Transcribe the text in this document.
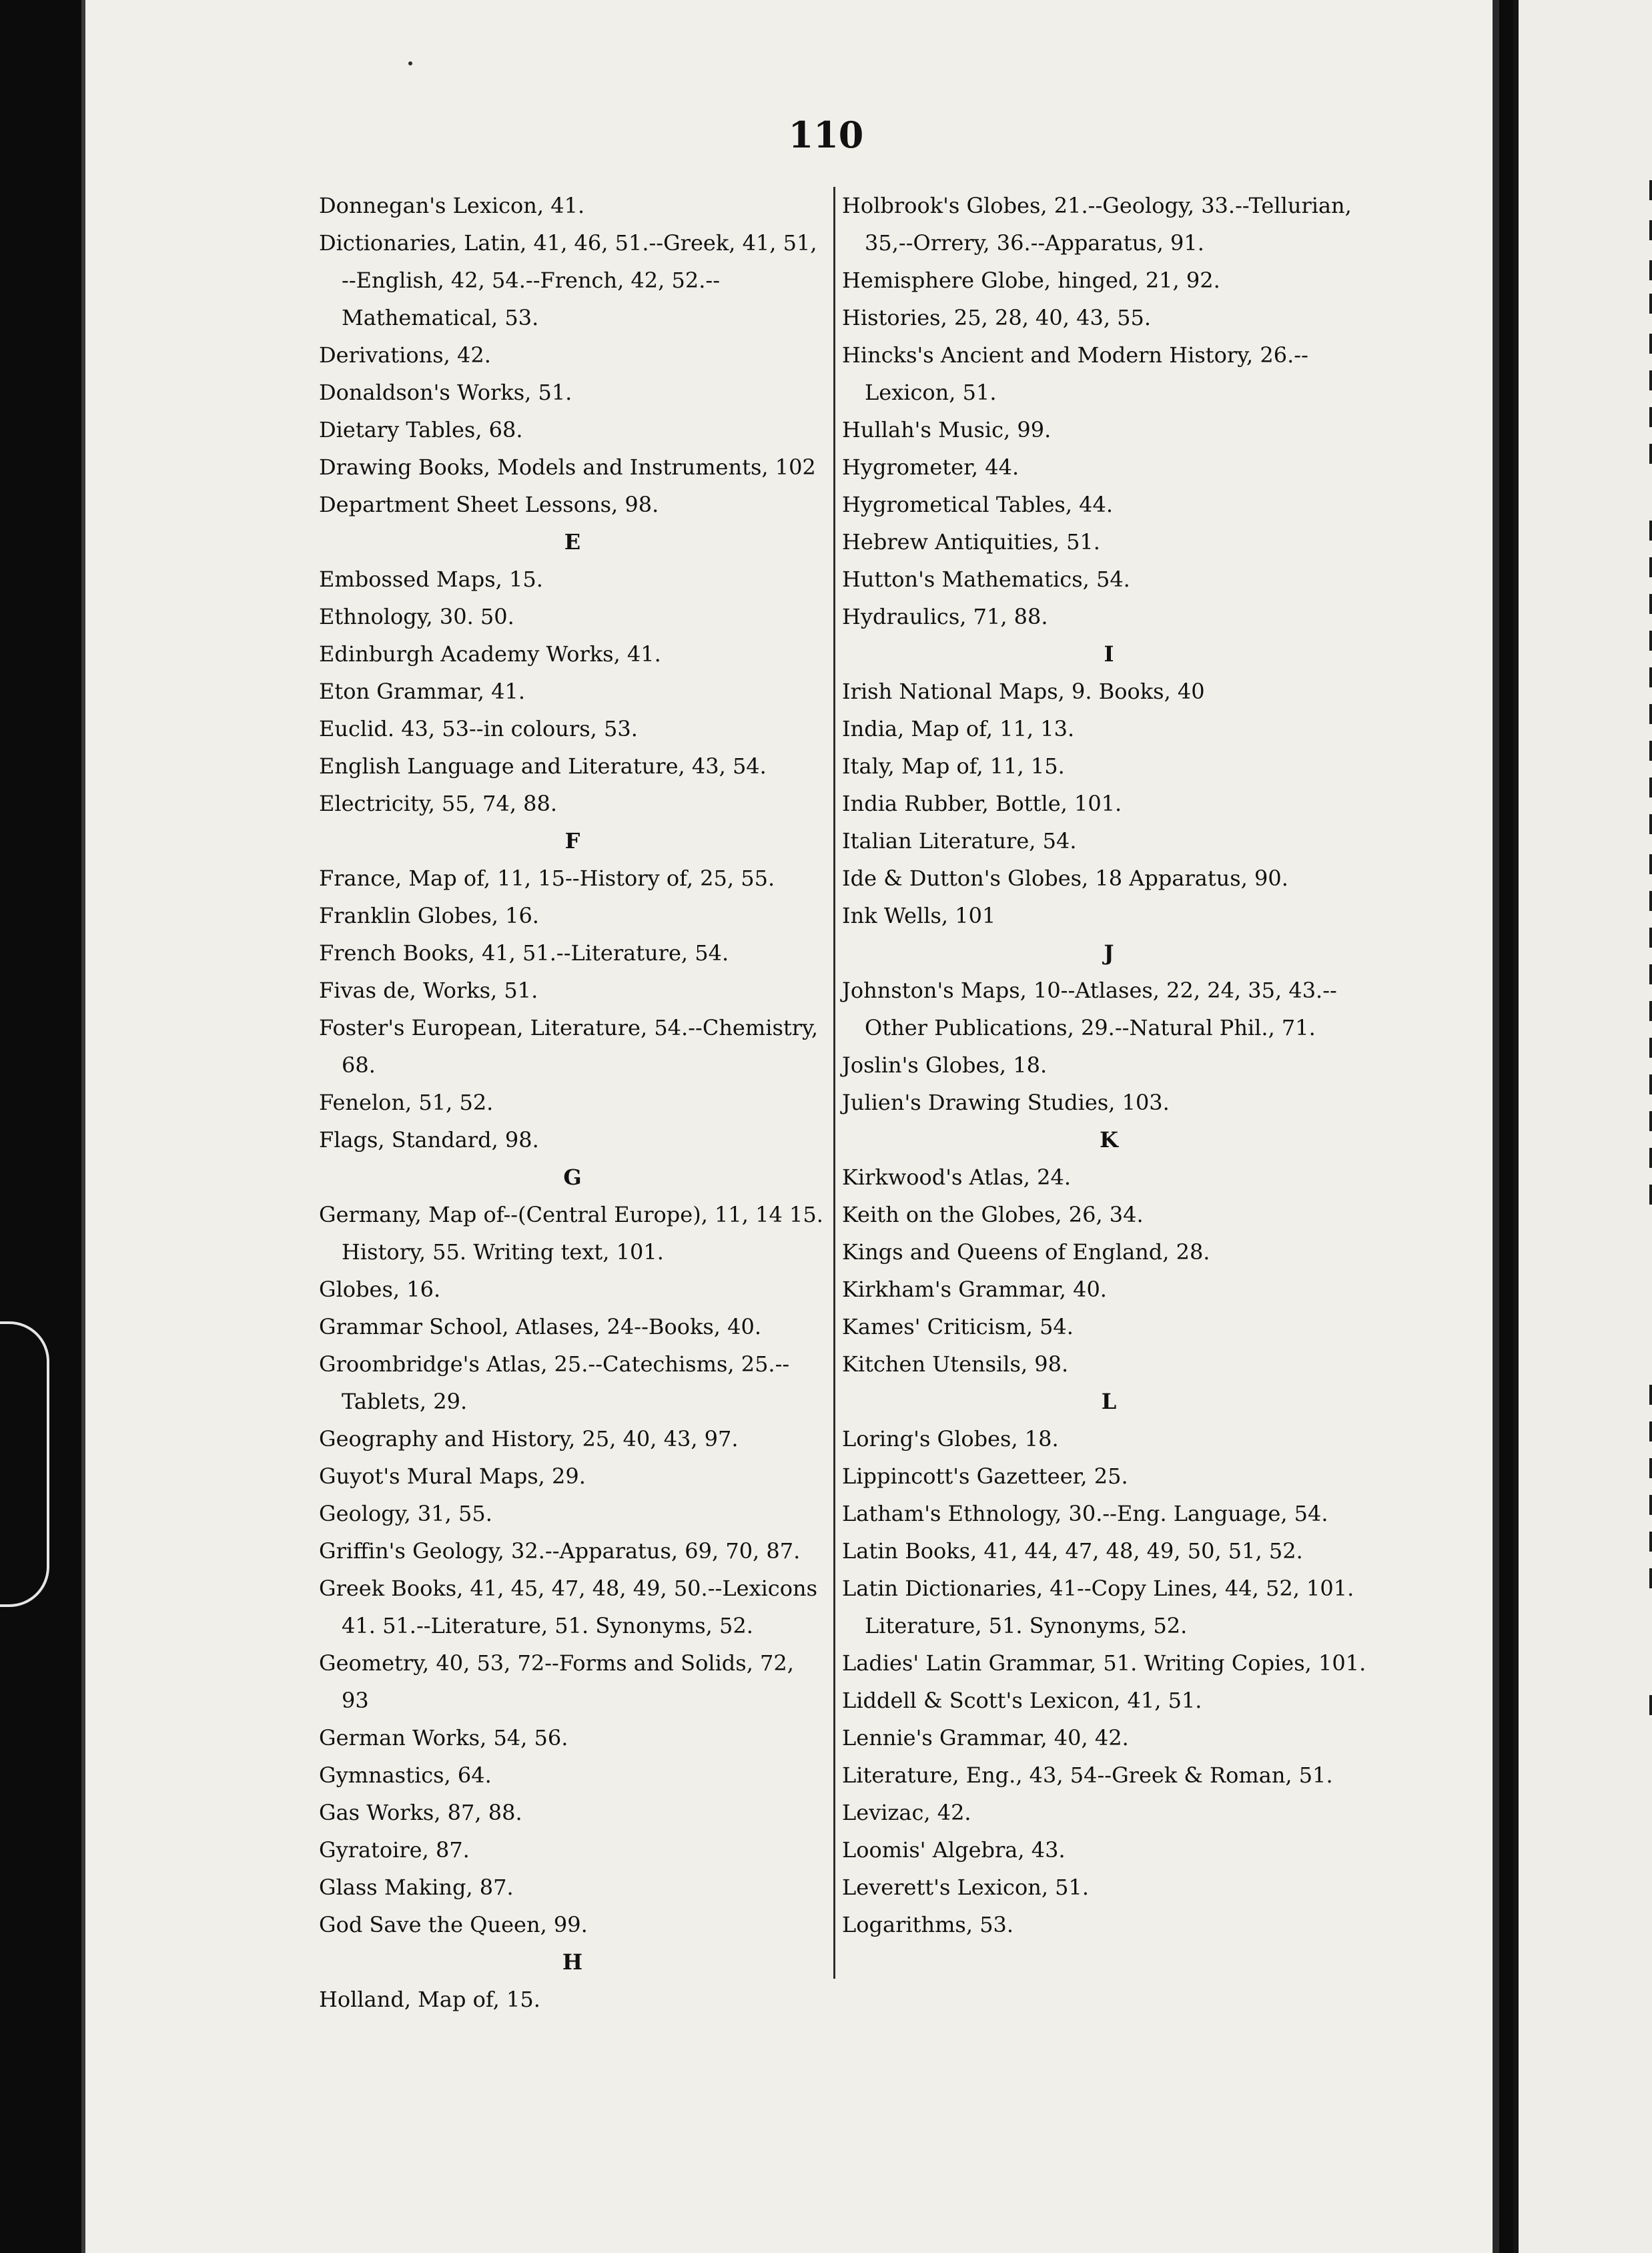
110
Donnegan's Lexicon, 41.
Dictionaries, Latin, 41, 46, 51.--Greek, 41, 51, --English, 42, 54.--French, 42, 52.--Mathematical, 53.
Derivations, 42.
Donaldson's Works, 51.
Dietary Tables, 68.
Drawing Books, Models and Instruments, 102
Department Sheet Lessons, 98.
E
Embossed Maps, 15.
Ethnology, 30. 50.
Edinburgh Academy Works, 41.
Eton Grammar, 41.
Euclid. 43, 53--in colours, 53.
English Language and Literature, 43, 54.
Electricity, 55, 74, 88.
F
France, Map of, 11, 15--History of, 25, 55.
Franklin Globes, 16.
French Books, 41, 51.--Literature, 54.
Fivas de, Works, 51.
Foster's European, Literature, 54.--Chemistry, 68.
Fenelon, 51, 52.
Flags, Standard, 98.
G
Germany, Map of--(Central Europe), 11, 14 15. History, 55. Writing text, 101.
Globes, 16.
Grammar School, Atlases, 24--Books, 40.
Groombridge's Atlas, 25.--Catechisms, 25.--Tablets, 29.
Geography and History, 25, 40, 43, 97.
Guyot's Mural Maps, 29.
Geology, 31, 55.
Griffin's Geology, 32.--Apparatus, 69, 70, 87.
Greek Books, 41, 45, 47, 48, 49, 50.--Lexicons 41. 51.--Literature, 51. Synonyms, 52.
Geometry, 40, 53, 72--Forms and Solids, 72, 93
German Works, 54, 56.
Gymnastics, 64.
Gas Works, 87, 88.
Gyratoire, 87.
Glass Making, 87.
God Save the Queen, 99.
H
Holland, Map of, 15.
Holbrook's Globes, 21.--Geology, 33.--Tellurian, 35,--Orrery, 36.--Apparatus, 91.
Hemisphere Globe, hinged, 21, 92.
Histories, 25, 28, 40, 43, 55.
Hincks's Ancient and Modern History, 26.--Lexicon, 51.
Hullah's Music, 99.
Hygrometer, 44.
Hygrometical Tables, 44.
Hebrew Antiquities, 51.
Hutton's Mathematics, 54.
Hydraulics, 71, 88.
I
Irish National Maps, 9. Books, 40
India, Map of, 11, 13.
Italy, Map of, 11, 15.
India Rubber, Bottle, 101.
Italian Literature, 54.
Ide & Dutton's Globes, 18 Apparatus, 90.
Ink Wells, 101
J
Johnston's Maps, 10--Atlases, 22, 24, 35, 43.--Other Publications, 29.--Natural Phil., 71.
Joslin's Globes, 18.
Julien's Drawing Studies, 103.
K
Kirkwood's Atlas, 24.
Keith on the Globes, 26, 34.
Kings and Queens of England, 28.
Kirkham's Grammar, 40.
Kames' Criticism, 54.
Kitchen Utensils, 98.
L
Loring's Globes, 18.
Lippincott's Gazetteer, 25.
Latham's Ethnology, 30.--Eng. Language, 54.
Latin Books, 41, 44, 47, 48, 49, 50, 51, 52.
Latin Dictionaries, 41--Copy Lines, 44, 52, 101. Literature, 51. Synonyms, 52.
Ladies' Latin Grammar, 51. Writing Copies, 101.
Liddell & Scott's Lexicon, 41, 51.
Lennie's Grammar, 40, 42.
Literature, Eng., 43, 54--Greek & Roman, 51.
Levizac, 42.
Loomis' Algebra, 43.
Leverett's Lexicon, 51.
Logarithms, 53.
